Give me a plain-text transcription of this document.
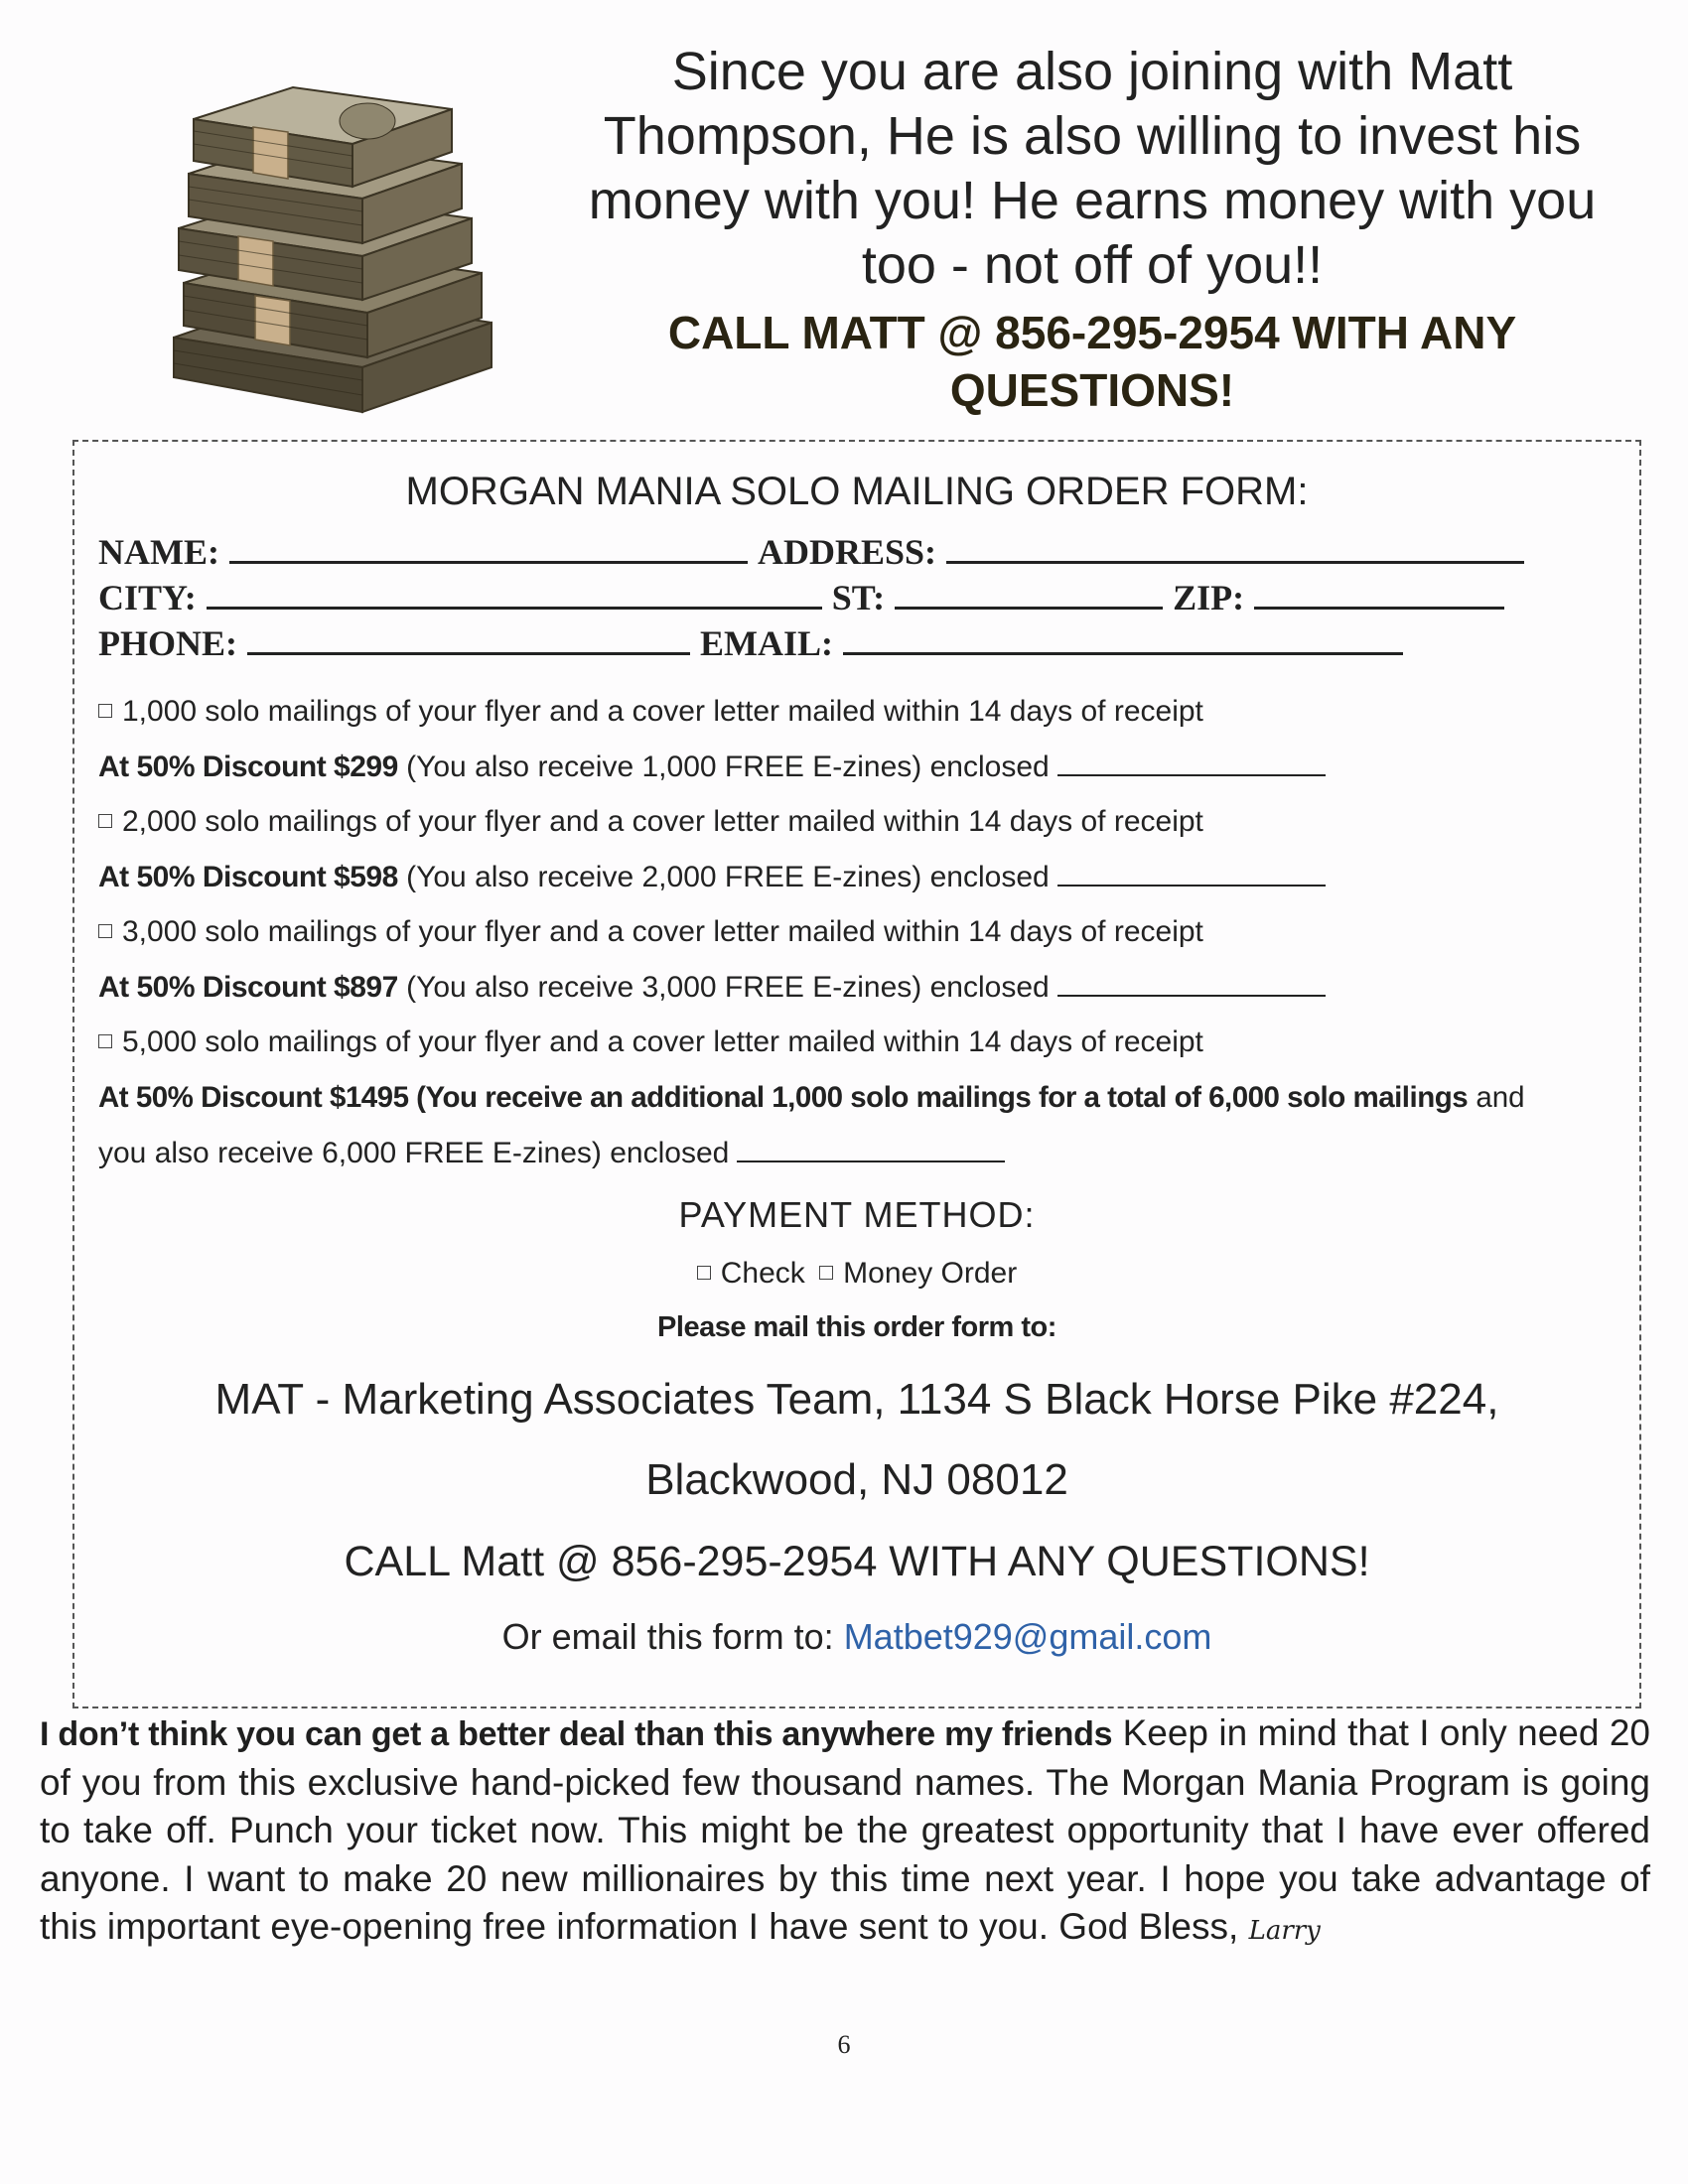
Since you are also joining with Matt
Thompson, He is also willing to invest his
money with you! He earns money with you
too - not off of you!!
CALL MATT @ 856-295-2954 WITH ANY
QUESTIONS!
MORGAN MANIA SOLO MAILING ORDER FORM:
NAME:	ADDRESS:
CITY:	ST:	ZIP:
PHONE:	EMAIL:
1,000 solo mailings of your flyer and a cover letter mailed within 14 days of receipt
At 50% Discount $299 (You also receive 1,000 FREE E-zines) enclosed
2,000 solo mailings of your flyer and a cover letter mailed within 14 days of receipt
At 50% Discount $598 (You also receive 2,000 FREE E-zines) enclosed
3,000 solo mailings of your flyer and a cover letter mailed within 14 days of receipt
At 50% Discount $897 (You also receive 3,000 FREE E-zines) enclosed
5,000 solo mailings of your flyer and a cover letter mailed within 14 days of receipt
At 50% Discount $1495 (You receive an additional 1,000 solo mailings for a total of 6,000 solo mailings and
you also receive 6,000 FREE E-zines) enclosed
PAYMENT METHOD:
Check Money Order
Please mail this order form to:
MAT - Marketing Associates Team, 1134 S Black Horse Pike #224,
Blackwood, NJ 08012
CALL Matt @ 856-295-2954 WITH ANY QUESTIONS!
Or email this form to: Matbet929@gmail.com
I don’t think you can get a better deal than this anywhere my friends Keep in mind that I only need 20 of you from this exclusive hand-picked few thousand names. The Morgan Mania Program is going to take off. Punch your ticket now. This might be the greatest opportunity that I have ever offered anyone. I want to make 20 new millionaires by this time next year. I hope you take advantage of this important eye-opening free information I have sent to you. God Bless, Larry
6
